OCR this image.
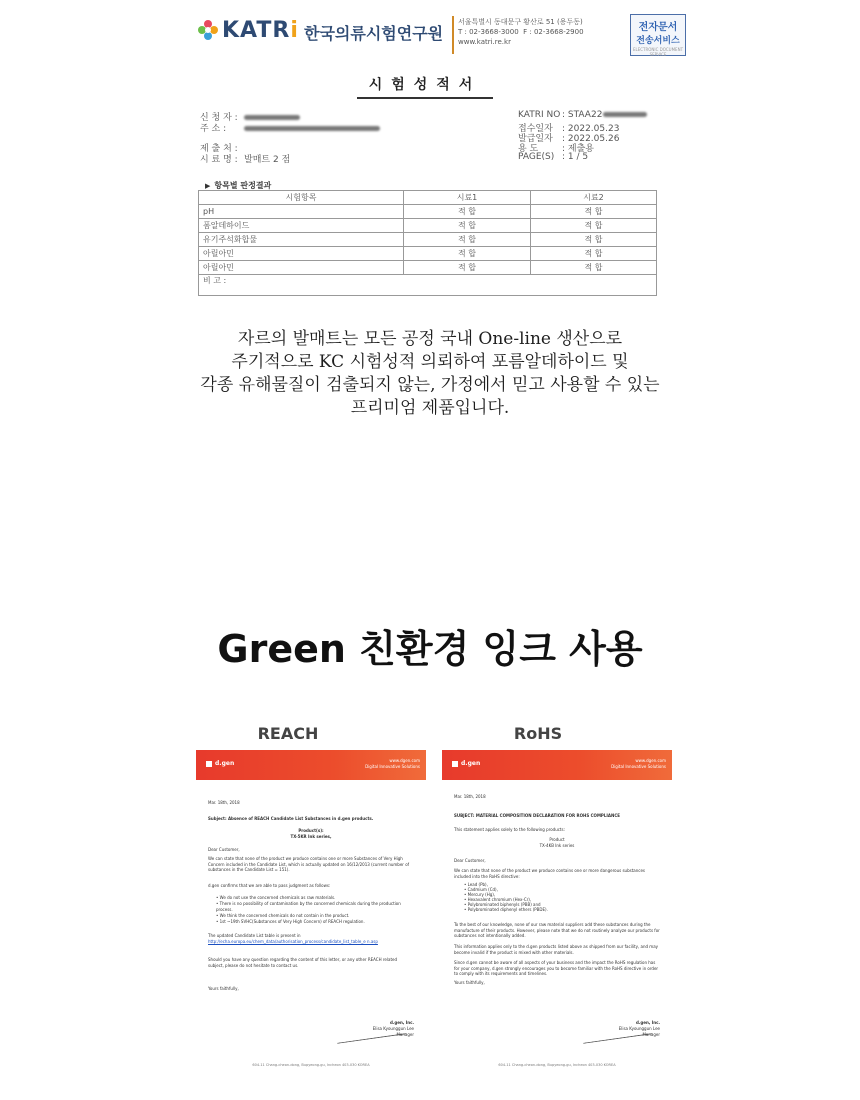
KATRi 한국의류시험연구원
서울특별시 동대문구 황산로 51 (용두동)
T : 02-3668-3000  F : 02-3668-2900
www.katri.re.kr
전자문서
전송서비스
ELECTRONIC DOCUMENT SERVICE
시험성적서
신 청 자 :
주 소 :
제 출 처 :
시 료 명 : 발매트 2 점
KATRI NO : STAA22
접수일자 : 2022.05.23
발급일자 : 2022.05.26
용 도	: 제출용
PAGE(S) : 1 / 5
▶ 항목별 판정결과
시험항목	시료1	시료2
pH	적 합	적 합
폼알데하이드	적 합	적 합
유기주석화합물	적 합	적 합
아릴아민	적 합	적 합
아릴아민	적 합	적 합
비 고 :		
자르의 발매트는 모든 공정 국내 One-line 생산으로
주기적으로 KC 시험성적 의뢰하여 포름알데하이드 및
각종 유해물질이 검출되지 않는, 가정에서 믿고 사용할 수 있는
프리미엄 제품입니다.
Green 친환경 잉크 사용
REACH
d.gen	www.dgen.com
Digital Innovative Solutions
Mar. 18th, 2018
Subject: Absence of REACH Candidate List Substances in d.gen products.
Product(s):
TX-5KR Ink series,
Dear Customer,
We can state that none of the product we produce contains one or more Substances of Very High Concern included in the Candidate List, which is actually updated on 16/12/2013 (current number of substances in the Candidate List = 151).
d.gen confirms that we are able to pass judgment as follows:
• We do not use the concerned chemicals as raw materials.
• There is no possibility of contamination by the concerned chemicals during the production process.
• We think the concerned chemicals do not contain in the product.
• 1st ~19th SVHC(Substances of Very High Concern) of REACH regulation.
The updated Candidate List table is present in
http://echa.europa.eu/chem_data/authorisation_process/candidate_list_table_e n.asp
Should you have any question regarding the content of this letter, or any other REACH related subject, please do not hesitate to contact us.
Yours faithfully,
d.gen, Inc.
Elisa Kyounggun Lee
Manager
604-11 Chang-cheon-dong, Bupyeong-gu, Incheon 403-030 KOREA
RoHS
d.gen	www.dgen.com
Digital Innovative Solutions
Mar. 18th, 2018
SUBJECT: MATERIAL COMPOSITION DECLARATION FOR ROHS COMPLIANCE
This statement applies solely to the following products:
Product
TX-4KB Ink series
Dear Customer,
We can state that none of the product we produce contains one or more dangerous substances included into the RoHS directive:
• Lead (Pb),
• Cadmium (Cd),
• Mercury (Hg),
• Hexavalent chromium (Hex-Cr),
• Polybrominated biphenyls (PBB) and
• Polybrominated diphenyl ethers (PBDE).
To the best of our knowledge, none of our raw material suppliers add these substances during the manufacture of their products. However, please note that we do not routinely analyze our products for substances not intentionally added.
This information applies only to the d.gen products listed above as shipped from our facility, and may become invalid if the product is mixed with other materials.
Since d.gen cannot be aware of all aspects of your business and the impact the RoHS regulation has for your company, d.gen strongly encourages you to become familiar with the RoHS directive in order to comply with its requirements and timelines.
Yours faithfully,
d.gen, Inc.
Elisa Kyounggun Lee
Manager
604-11 Chang-cheon-dong, Bupyeong-gu, Incheon 403-030 KOREA
